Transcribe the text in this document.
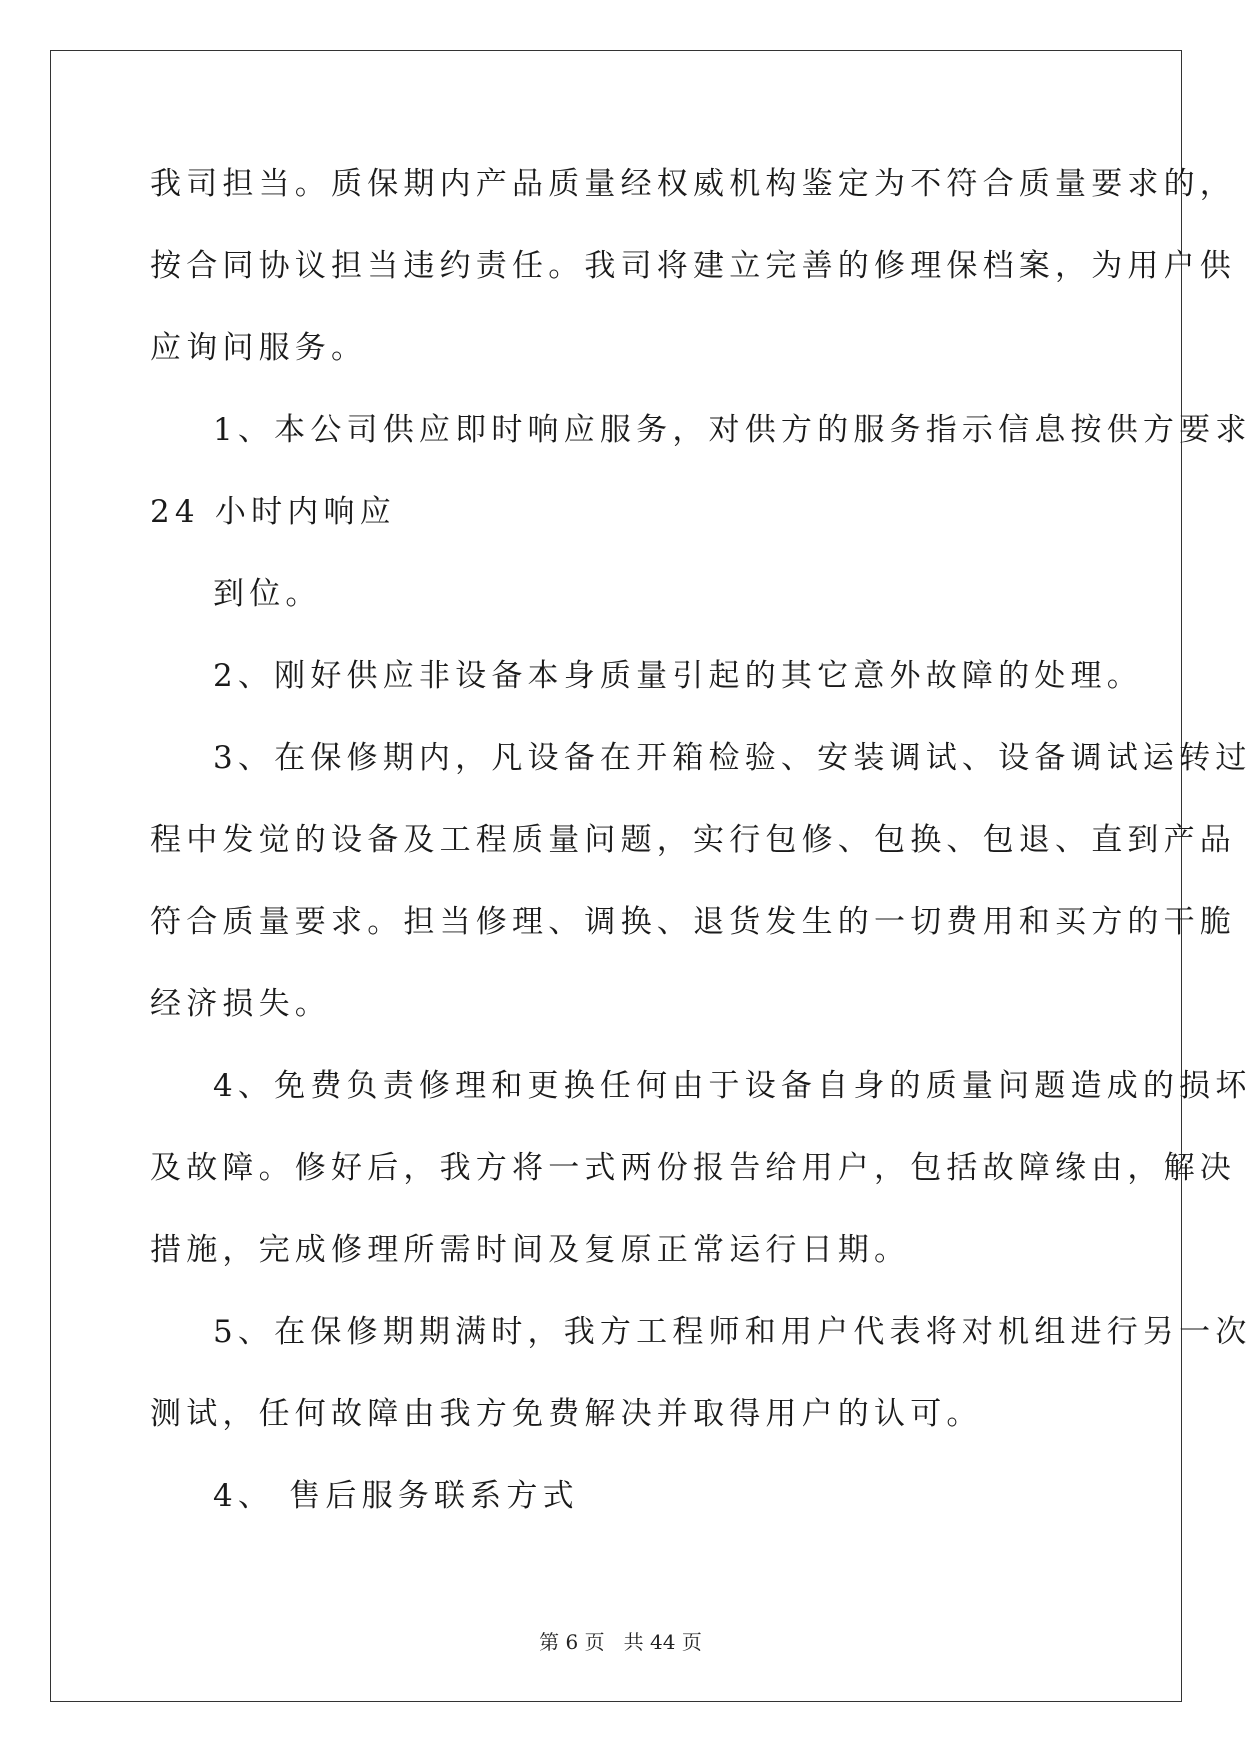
我司担当。质保期内产品质量经权威机构鉴定为不符合质量要求的，
按合同协议担当违约责任。我司将建立完善的修理保档案，为用户供
应询问服务。
1、本公司供应即时响应服务，对供方的服务指示信息按供方要求
24 小时内响应
到位。
2、刚好供应非设备本身质量引起的其它意外故障的处理。
3、在保修期内，凡设备在开箱检验、安装调试、设备调试运转过
程中发觉的设备及工程质量问题，实行包修、包换、包退、直到产品
符合质量要求。担当修理、调换、退货发生的一切费用和买方的干脆
经济损失。
4、免费负责修理和更换任何由于设备自身的质量问题造成的损坏
及故障。修好后，我方将一式两份报告给用户，包括故障缘由，解决
措施，完成修理所需时间及复原正常运行日期。
5、在保修期期满时，我方工程师和用户代表将对机组进行另一次
测试，任何故障由我方免费解决并取得用户的认可。
4、 售后服务联系方式
第 6 页   共 44 页
